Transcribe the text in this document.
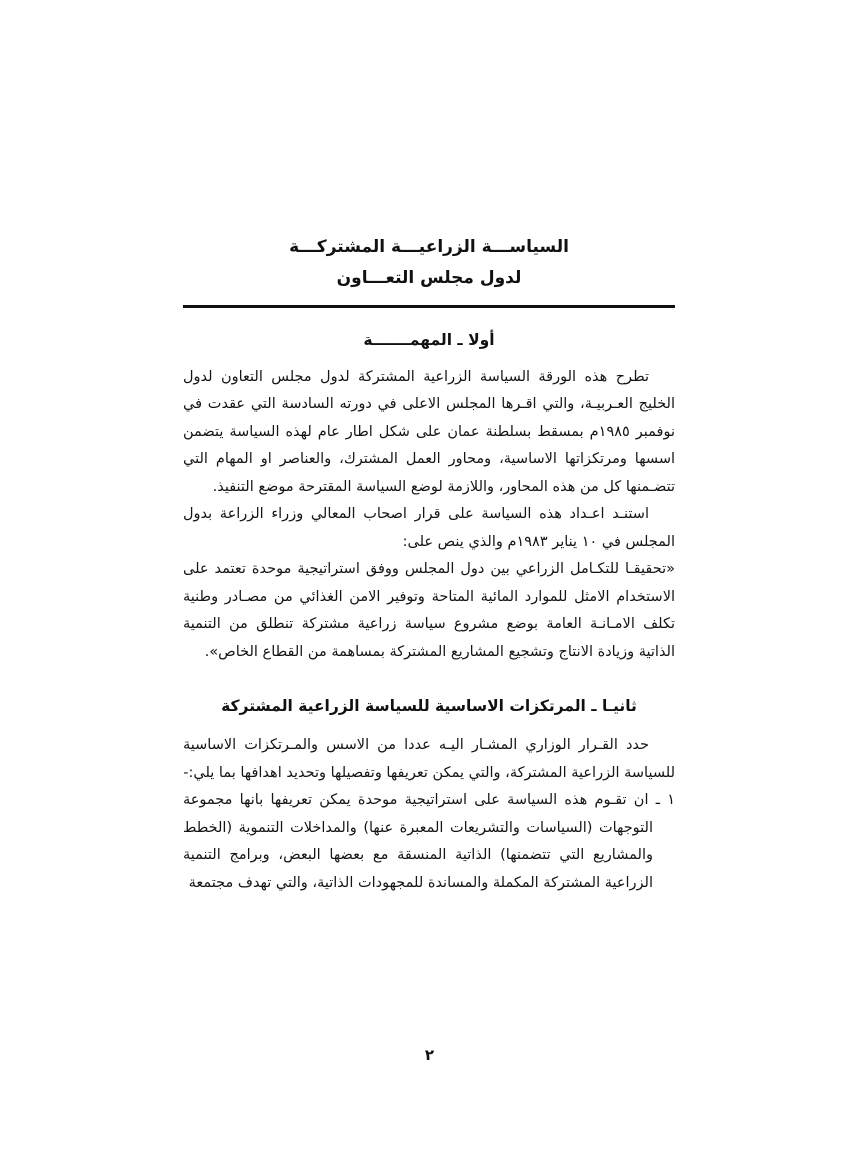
السياســـة الزراعيـــة المشتركـــة
لدول مجلس التعـــاون
أولا ـ المهمـــــــة

تطرح هذه الورقة السياسة الزراعية المشتركة لدول مجلس التعاون لدول الخليج العـربيـة، والتي اقـرها المجلس الاعلى في دورته السادسة التي عقدت في نوفمبر ١٩٨٥م بمسقط بسلطنة عمان على شكل اطار عام لهذه السياسة يتضمن اسسها ومرتكزاتها الاساسية، ومحاور العمل المشترك، والعناصر او المهام التي تتضـمنها كل من هذه المحاور، واللازمة لوضع السياسة المقترحة موضع التنفيذ.

استنـد اعـداد هذه السياسة على قرار اصحاب المعالي وزراء الزراعة بدول المجلس في ١٠ يناير ١٩٨٣م والذي ينص على:

«تحقيقـا للتكـامل الزراعي بين دول المجلس ووفق استراتيجية موحدة تعتمد على الاستخدام الامثل للموارد المائية المتاحة وتوفير الامن الغذائي من مصـادر وطنية تكلف الامـانـة العامة بوضع مشروع سياسة زراعية مشتركة تنطلق من التنمية الذاتية وزيادة الانتاج وتشجيع المشاريع المشتركة بمساهمة من القطاع الخاص».

ثانيـا ـ المرتكزات الاساسية للسياسة الزراعية المشتركة

حدد القـرار الوزاري المشـار اليـه عددا من الاسس والمـرتكزات الاساسية للسياسة الزراعية المشتركة، والتي يمكن تعريفها وتفصيلها وتحديد اهدافها بما يلي:-

١ ـ ان تقـوم هذه السياسة على استراتيجية موحدة يمكن تعريفها بانها مجموعة التوجهات (السياسات والتشريعات المعبرة عنها) والمداخلات التنموية (الخطط والمشاريع التي تتضمنها) الذاتية المنسقة مع بعضها البعض، وبرامج التنمية الزراعية المشتركة المكملة والمساندة للمجهودات الذاتية، والتي تهدف مجتمعة

٢
